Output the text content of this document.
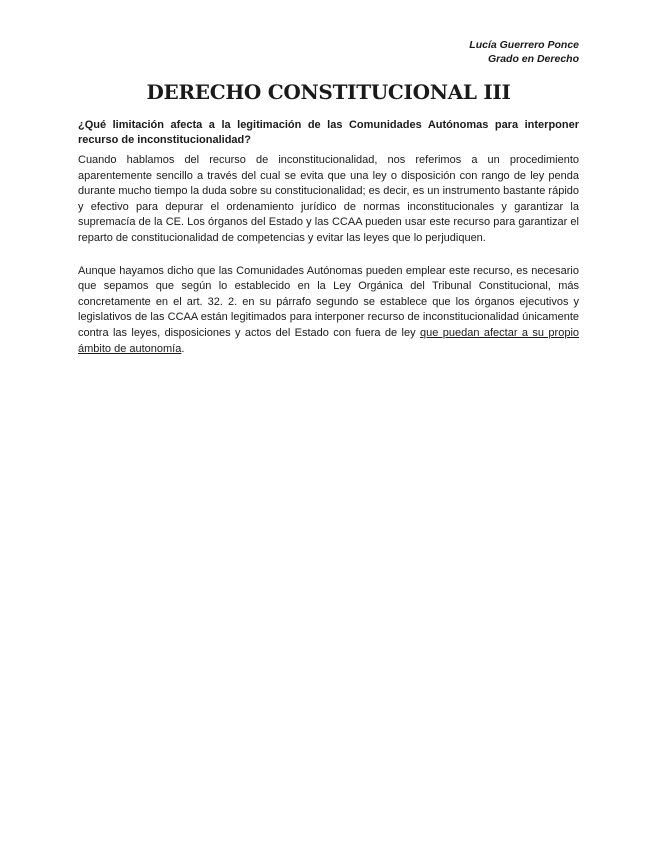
Lucía Guerrero Ponce
Grado en Derecho
DERECHO CONSTITUCIONAL III

¿Qué limitación afecta a la legitimación de las Comunidades Autónomas para interponer recurso de inconstitucionalidad?

Cuando hablamos del recurso de inconstitucionalidad, nos referimos a un procedimiento aparentemente sencillo a través del cual se evita que una ley o disposición con rango de ley penda durante mucho tiempo la duda sobre su constitucionalidad; es decir, es un instrumento bastante rápido y efectivo para depurar el ordenamiento jurídico de normas inconstitucionales y garantizar la supremacía de la CE. Los órganos del Estado y las CCAA pueden usar este recurso para garantizar el reparto de constitucionalidad de competencias y evitar las leyes que lo perjudiquen.

Aunque hayamos dicho que las Comunidades Autónomas pueden emplear este recurso, es necesario que sepamos que según lo establecido en la Ley Orgánica del Tribunal Constitucional, más concretamente en el art. 32. 2. en su párrafo segundo se establece que los órganos ejecutivos y legislativos de las CCAA están legitimados para interponer recurso de inconstitucionalidad únicamente contra las leyes, disposiciones y actos del Estado con fuera de ley que puedan afectar a su propio ámbito de autonomía.
